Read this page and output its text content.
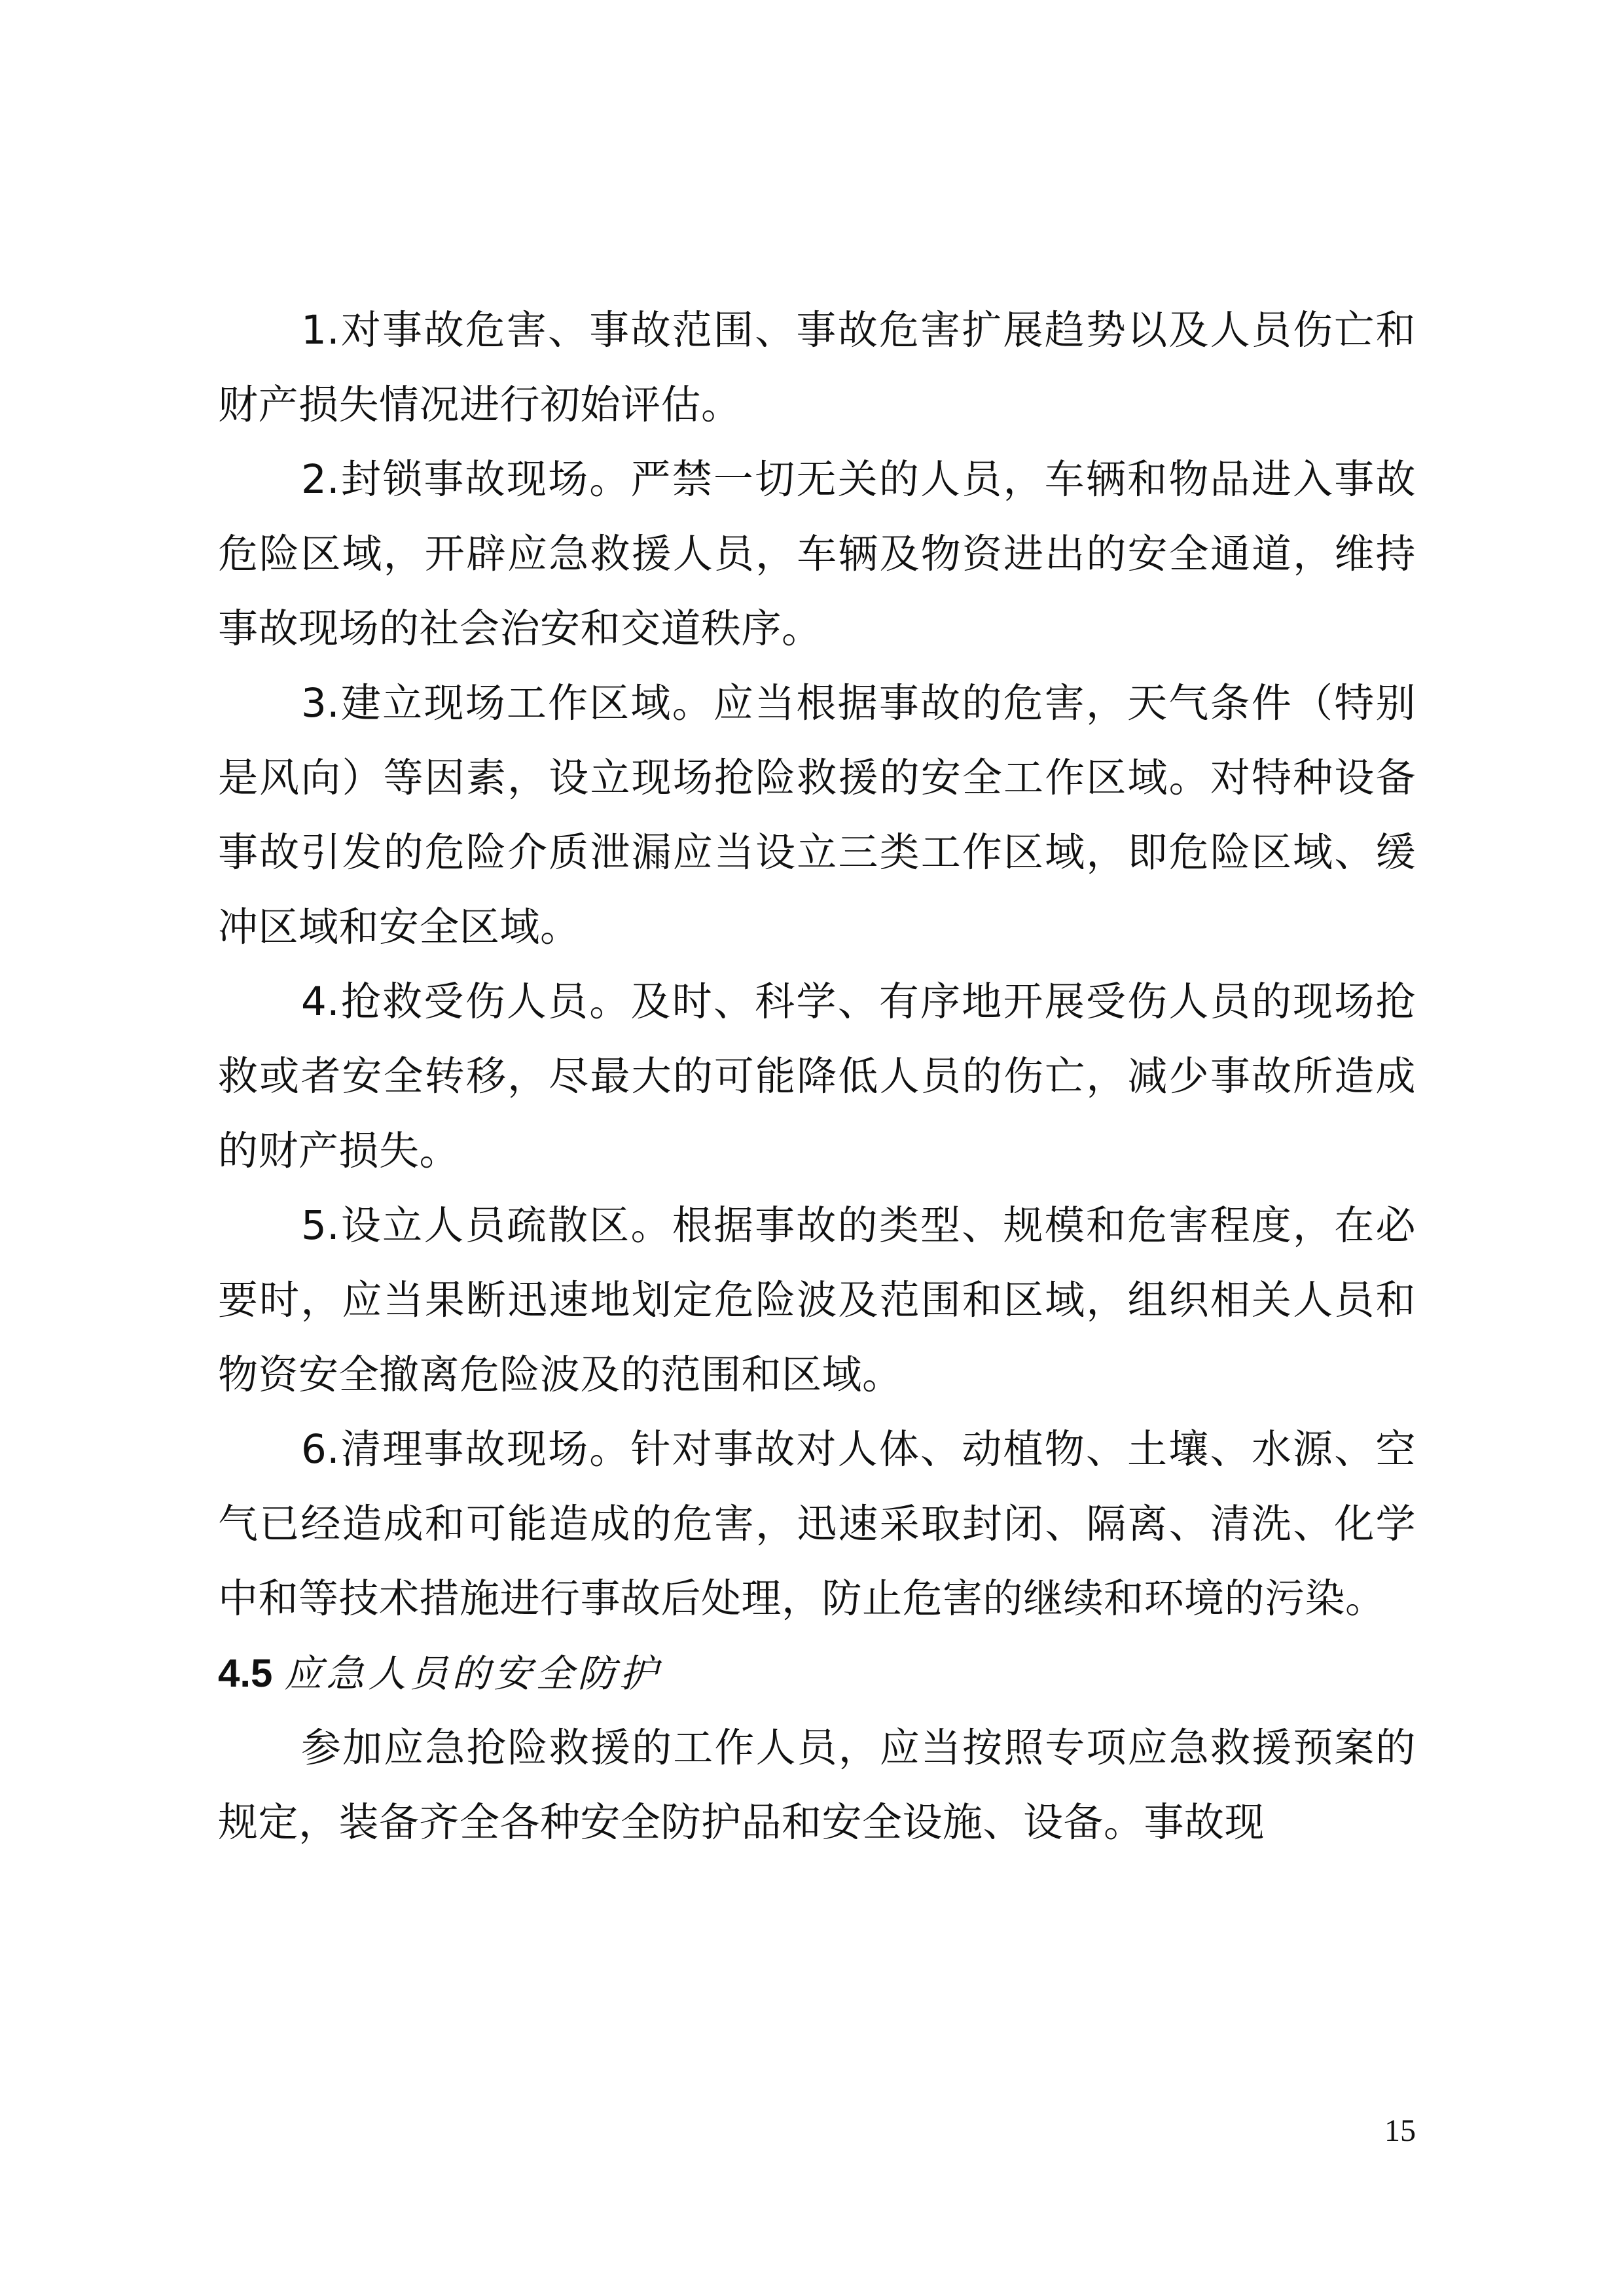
1.对事故危害、事故范围、事故危害扩展趋势以及人员伤亡和财产损失情况进行初始评估。

2.封锁事故现场。严禁一切无关的人员，车辆和物品进入事故危险区域，开辟应急救援人员，车辆及物资进出的安全通道，维持事故现场的社会治安和交道秩序。

3.建立现场工作区域。应当根据事故的危害，天气条件（特别是风向）等因素，设立现场抢险救援的安全工作区域。对特种设备事故引发的危险介质泄漏应当设立三类工作区域，即危险区域、缓冲区域和安全区域。

4.抢救受伤人员。及时、科学、有序地开展受伤人员的现场抢救或者安全转移，尽最大的可能降低人员的伤亡，减少事故所造成的财产损失。

5.设立人员疏散区。根据事故的类型、规模和危害程度，在必要时，应当果断迅速地划定危险波及范围和区域，组织相关人员和物资安全撤离危险波及的范围和区域。

6.清理事故现场。针对事故对人体、动植物、土壤、水源、空气已经造成和可能造成的危害，迅速采取封闭、隔离、清洗、化学中和等技术措施进行事故后处理，防止危害的继续和环境的污染。

4.5 应急人员的安全防护

参加应急抢险救援的工作人员，应当按照专项应急救援预案的规定，装备齐全各种安全防护品和安全设施、设备。事故现

15
